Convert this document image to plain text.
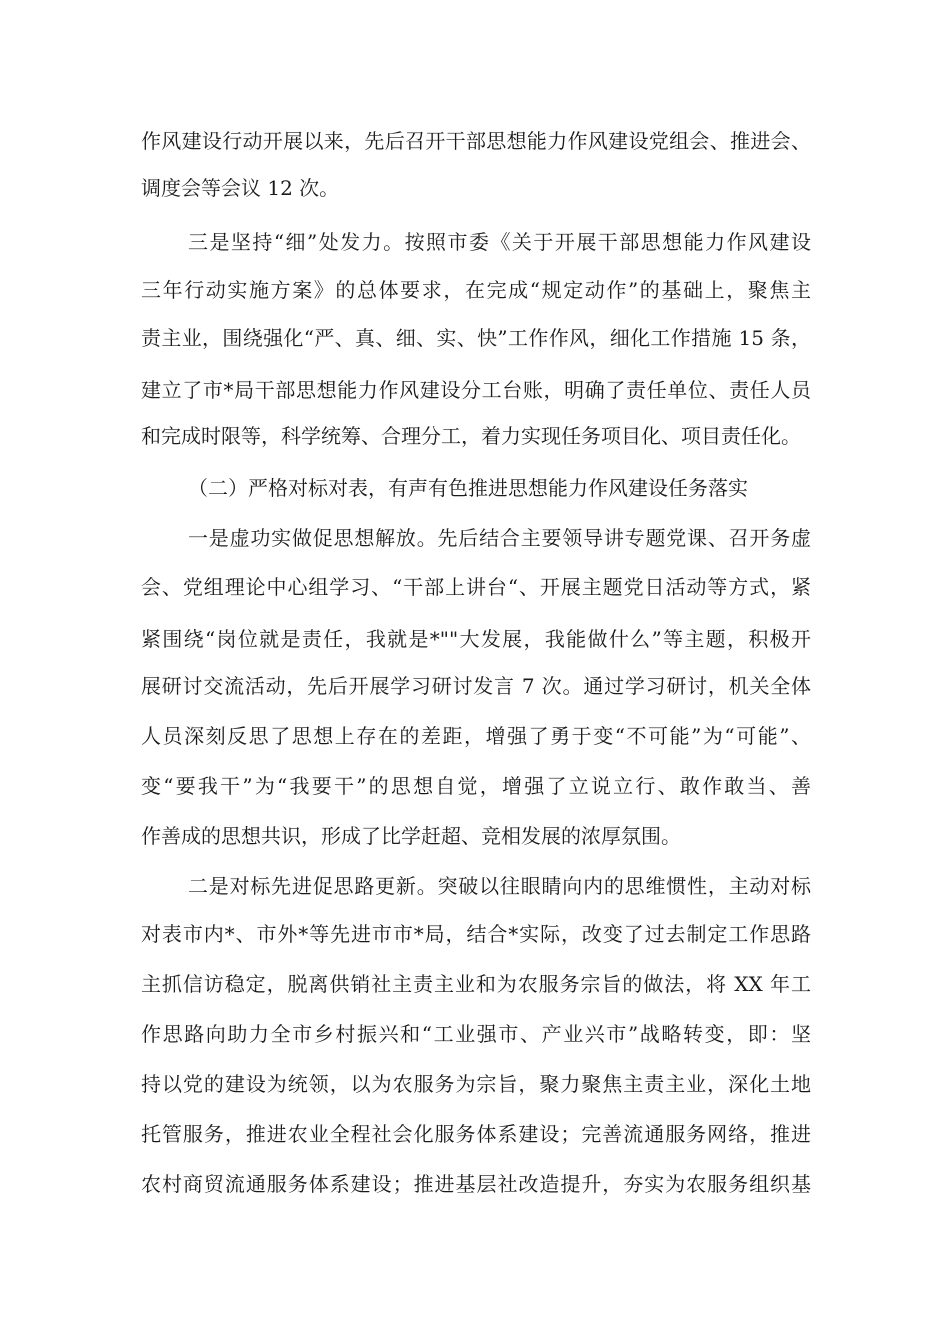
作风建设行动开展以来，先后召开干部思想能力作风建设党组会、推进会、
调度会等会议 12 次。
三是坚持“细”处发力。按照市委《关于开展干部思想能力作风建设
三年行动实施方案》的总体要求，在完成“规定动作”的基础上，聚焦主
责主业，围绕强化“严、真、细、实、快”工作作风，细化工作措施 15 条，
建立了市*局干部思想能力作风建设分工台账，明确了责任单位、责任人员
和完成时限等，科学统筹、合理分工，着力实现任务项目化、项目责任化。
（二）严格对标对表，有声有色推进思想能力作风建设任务落实
一是虚功实做促思想解放。先后结合主要领导讲专题党课、召开务虚
会、党组理论中心组学习、“干部上讲台“、开展主题党日活动等方式，紧
紧围绕“岗位就是责任，我就是*""大发展，我能做什么”等主题，积极开
展研讨交流活动，先后开展学习研讨发言 7 次。通过学习研讨，机关全体
人员深刻反思了思想上存在的差距，增强了勇于变“不可能”为“可能”、
变“要我干”为“我要干”的思想自觉，增强了立说立行、敢作敢当、善
作善成的思想共识，形成了比学赶超、竞相发展的浓厚氛围。
二是对标先进促思路更新。突破以往眼睛向内的思维惯性，主动对标
对表市内*、市外*等先进市市*局，结合*实际，改变了过去制定工作思路
主抓信访稳定，脱离供销社主责主业和为农服务宗旨的做法，将 XX 年工
作思路向助力全市乡村振兴和“工业强市、产业兴市”战略转变，即：坚
持以党的建设为统领，以为农服务为宗旨，聚力聚焦主责主业，深化土地
托管服务，推进农业全程社会化服务体系建设；完善流通服务网络，推进
农村商贸流通服务体系建设；推进基层社改造提升，夯实为农服务组织基
